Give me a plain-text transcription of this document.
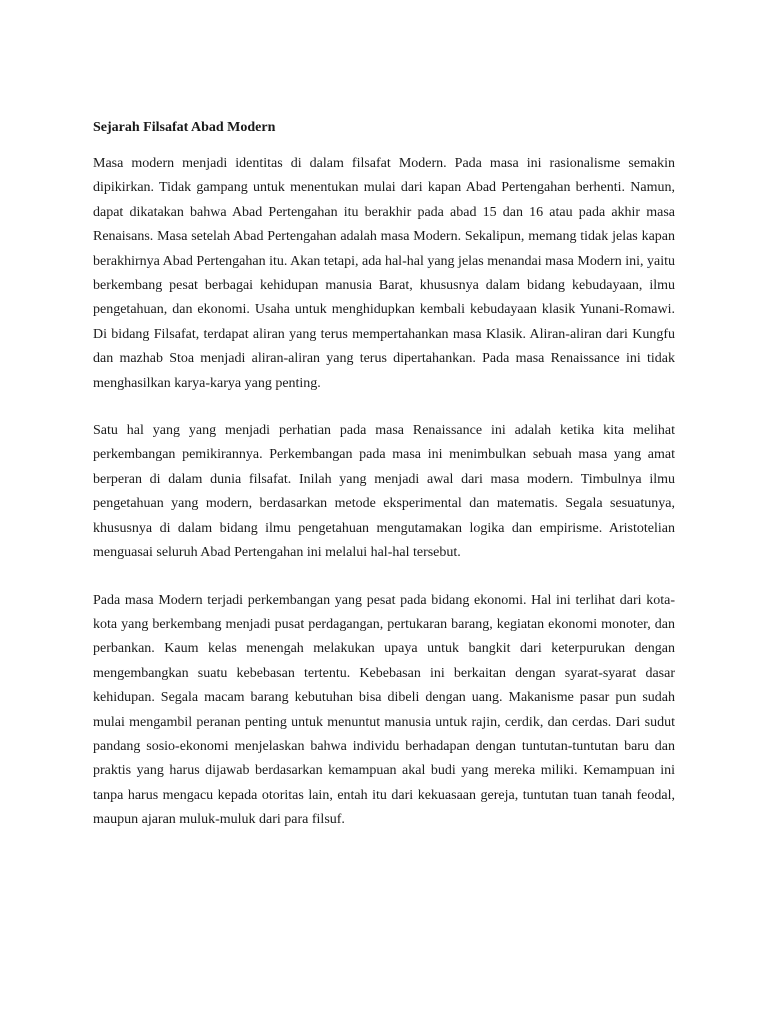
Sejarah Filsafat Abad Modern

Masa modern menjadi identitas di dalam filsafat Modern. Pada masa ini rasionalisme semakin dipikirkan. Tidak gampang untuk menentukan mulai dari kapan Abad Pertengahan berhenti. Namun, dapat dikatakan bahwa Abad Pertengahan itu berakhir pada abad 15 dan 16 atau pada akhir masa Renaisans. Masa setelah Abad Pertengahan adalah masa Modern. Sekalipun, memang tidak jelas kapan berakhirnya Abad Pertengahan itu. Akan tetapi, ada hal-hal yang jelas menandai masa Modern ini, yaitu berkembang pesat berbagai kehidupan manusia Barat, khususnya dalam bidang kebudayaan, ilmu pengetahuan, dan ekonomi. Usaha untuk menghidupkan kembali kebudayaan klasik Yunani-Romawi. Di bidang Filsafat, terdapat aliran yang terus mempertahankan masa Klasik. Aliran-aliran dari Kungfu dan mazhab Stoa menjadi aliran-aliran yang terus dipertahankan. Pada masa Renaissance ini tidak menghasilkan karya-karya yang penting.

Satu hal yang yang menjadi perhatian pada masa Renaissance ini adalah ketika kita melihat perkembangan pemikirannya. Perkembangan pada masa ini menimbulkan sebuah masa yang amat berperan di dalam dunia filsafat. Inilah yang menjadi awal dari masa modern. Timbulnya ilmu pengetahuan yang modern, berdasarkan metode eksperimental dan matematis. Segala sesuatunya, khususnya di dalam bidang ilmu pengetahuan mengutamakan logika dan empirisme. Aristotelian menguasai seluruh Abad Pertengahan ini melalui hal-hal tersebut.

Pada masa Modern terjadi perkembangan yang pesat pada bidang ekonomi. Hal ini terlihat dari kota-kota yang berkembang menjadi pusat perdagangan, pertukaran barang, kegiatan ekonomi monoter, dan perbankan. Kaum kelas menengah melakukan upaya untuk bangkit dari keterpurukan dengan mengembangkan suatu kebebasan tertentu. Kebebasan ini berkaitan dengan syarat-syarat dasar kehidupan. Segala macam barang kebutuhan bisa dibeli dengan uang. Makanisme pasar pun sudah mulai mengambil peranan penting untuk menuntut manusia untuk rajin, cerdik, dan cerdas. Dari sudut pandang sosio-ekonomi menjelaskan bahwa individu berhadapan dengan tuntutan-tuntutan baru dan praktis yang harus dijawab berdasarkan kemampuan akal budi yang mereka miliki. Kemampuan ini tanpa harus mengacu kepada otoritas lain, entah itu dari kekuasaan gereja, tuntutan tuan tanah feodal, maupun ajaran muluk-muluk dari para filsuf.
